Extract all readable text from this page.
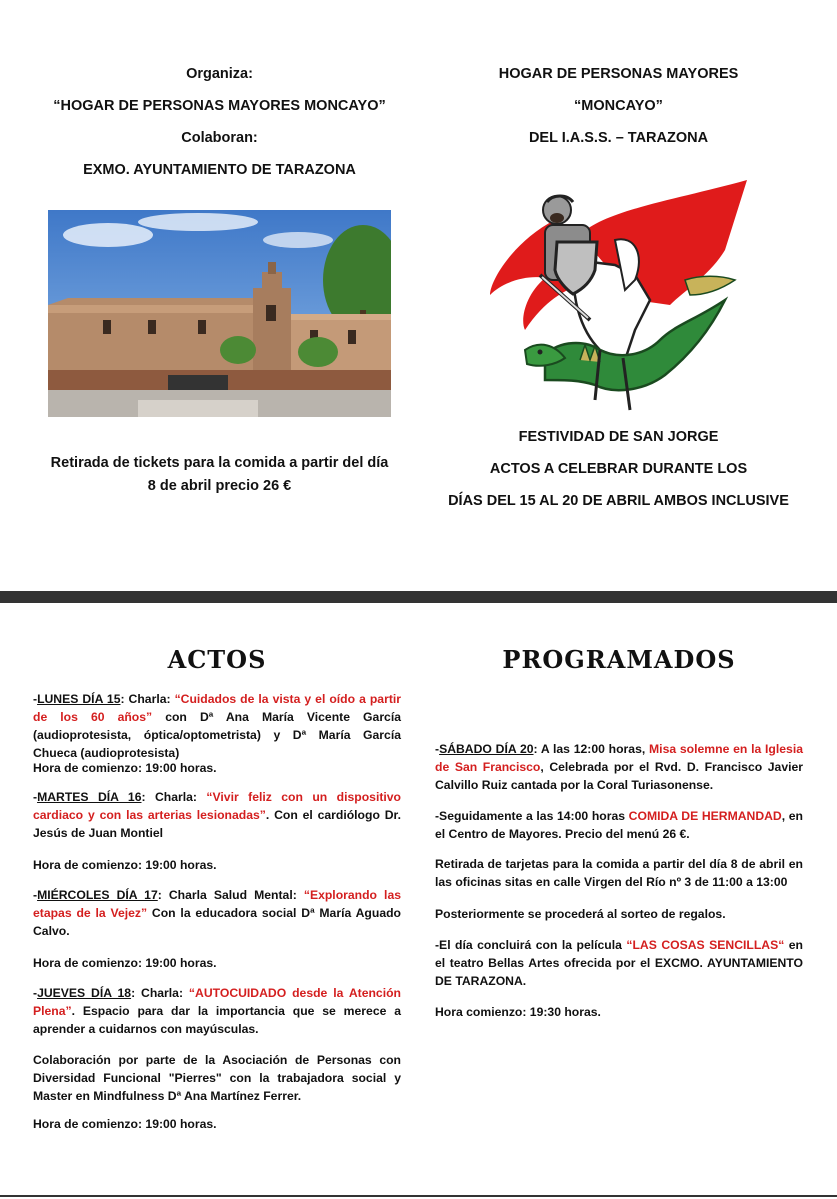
Organiza:
“HOGAR DE PERSONAS MAYORES MONCAYO”
Colaboran:
EXMO. AYUNTAMIENTO DE TARAZONA
Retirada de tickets para la comida a partir del día
8 de abril precio 26 €
HOGAR DE PERSONAS MAYORES
“MONCAYO”
DEL I.A.S.S. – TARAZONA
FESTIVIDAD DE SAN JORGE
ACTOS A CELEBRAR DURANTE LOS
DÍAS DEL 15 AL 20 DE ABRIL AMBOS INCLUSIVE
ACTOS	PROGRAMADOS
-LUNES DÍA 15: Charla: “Cuidados de la vista y el oído a partir de los 60 años” con Dª Ana María Vicente García (audioprotesista, óptica/optometrista) y Dª María García Chueca (audioprotesista)
Hora de comienzo: 19:00 horas.
-MARTES DÍA 16: Charla: “Vivir feliz con un dispositivo cardiaco y con las arterias lesionadas”. Con el cardiólogo Dr. Jesús de Juan Montiel
Hora de comienzo: 19:00 horas.
-MIÉRCOLES DÍA 17: Charla Salud Mental: “Explorando las etapas de la Vejez” Con la educadora social Dª María Aguado Calvo.
Hora de comienzo: 19:00 horas.
-JUEVES DÍA 18: Charla: “AUTOCUIDADO desde la Atención Plena”. Espacio para dar la importancia que se merece a aprender a cuidarnos con mayúsculas.
Colaboración por parte de la Asociación de Personas con Diversidad Funcional "Pierres" con la trabajadora social y Master en Mindfulness Dª Ana Martínez Ferrer.
Hora de comienzo: 19:00 horas.
-SÁBADO DÍA 20: A las 12:00 horas, Misa solemne en la Iglesia de San Francisco, Celebrada por el Rvd. D. Francisco Javier Calvillo Ruiz cantada por la Coral Turiasonense.
-Seguidamente a las 14:00 horas COMIDA DE HERMANDAD, en el Centro de Mayores. Precio del menú 26 €.
Retirada de tarjetas para la comida a partir del día 8 de abril en las oficinas sitas en calle Virgen del Río nº 3 de 11:00 a 13:00
Posteriormente se procederá al sorteo de regalos.
-El día concluirá con la película “LAS COSAS SENCILLAS“ en el teatro Bellas Artes ofrecida por el EXCMO. AYUNTAMIENTO DE TARAZONA.
Hora comienzo: 19:30 horas.
